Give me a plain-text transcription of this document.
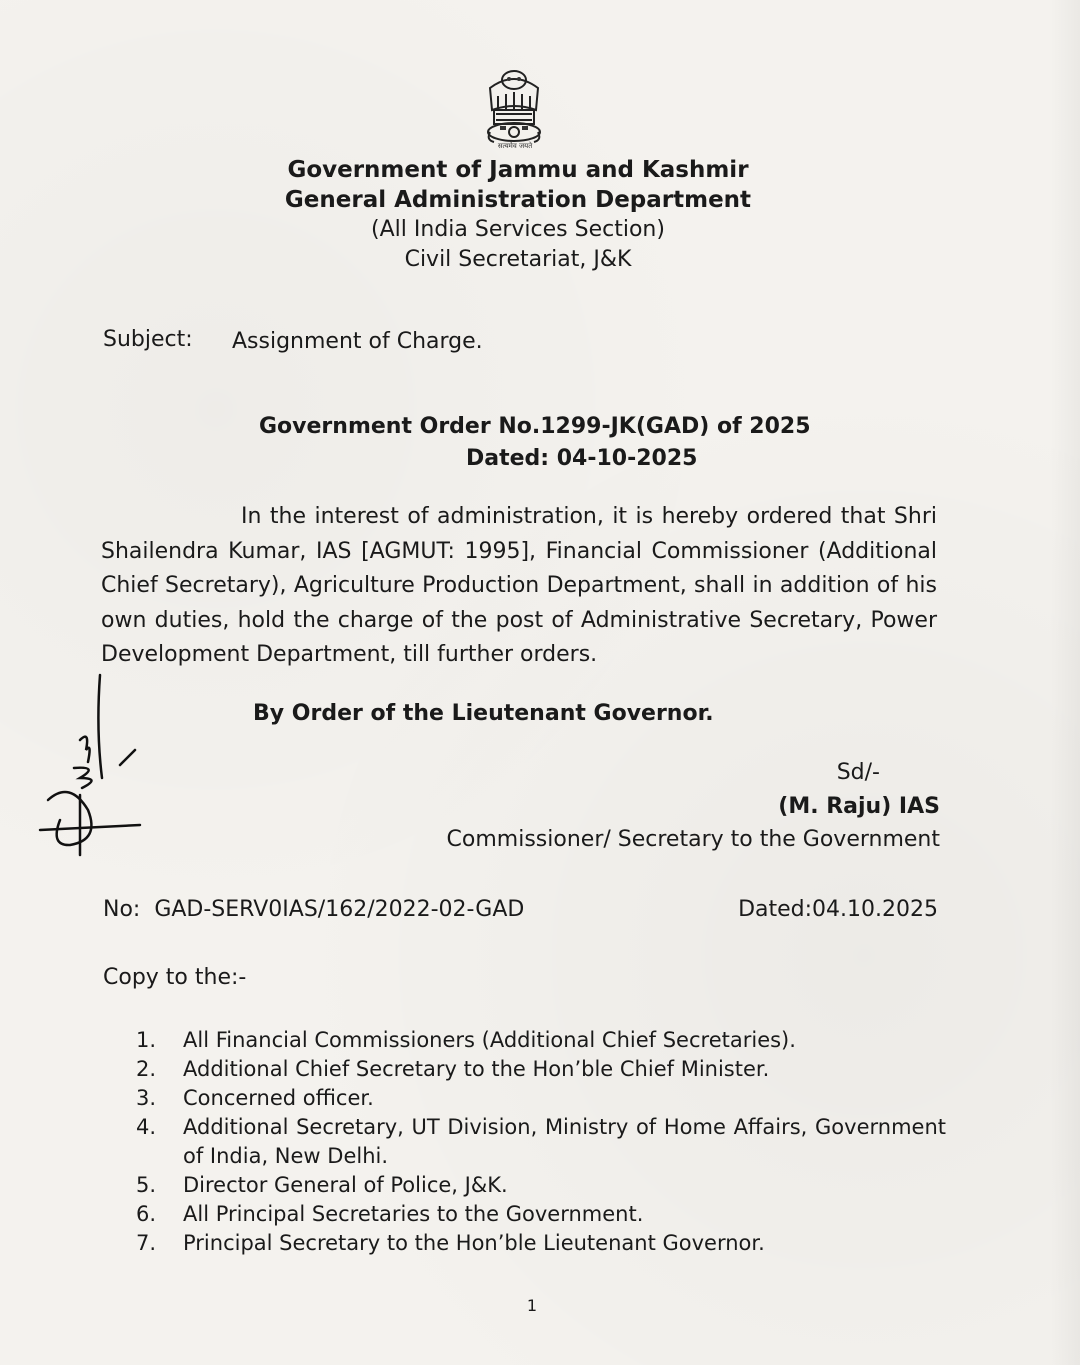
सत्यमेव जयते
Government of Jammu and Kashmir
General Administration Department
(All India Services Section)
Civil Secretariat, J&K
Subject: Assignment of Charge.
Government Order No.1299-JK(GAD) of 2025
Dated: 04-10-2025
In the interest of administration, it is hereby ordered that Shri Shailendra Kumar, IAS [AGMUT: 1995], Financial Commissioner (Additional Chief Secretary), Agriculture Production Department, shall in addition of his own duties, hold the charge of the post of Administrative Secretary, Power Development Department, till further orders.
By Order of the Lieutenant Governor.
Sd/-
(M. Raju) IAS
Commissioner/ Secretary to the Government
No:  GAD-SERV0IAS/162/2022-02-GAD	Dated:04.10.2025
Copy to the:-
1.	All Financial Commissioners (Additional Chief Secretaries).
2.	Additional Chief Secretary to the Hon’ble Chief Minister.
3.	Concerned officer.
4.	Additional Secretary, UT Division, Ministry of Home Affairs, Government of India, New Delhi.
5.	Director General of Police, J&K.
6.	All Principal Secretaries to the Government.
7.	Principal Secretary to the Hon’ble Lieutenant Governor.
1
